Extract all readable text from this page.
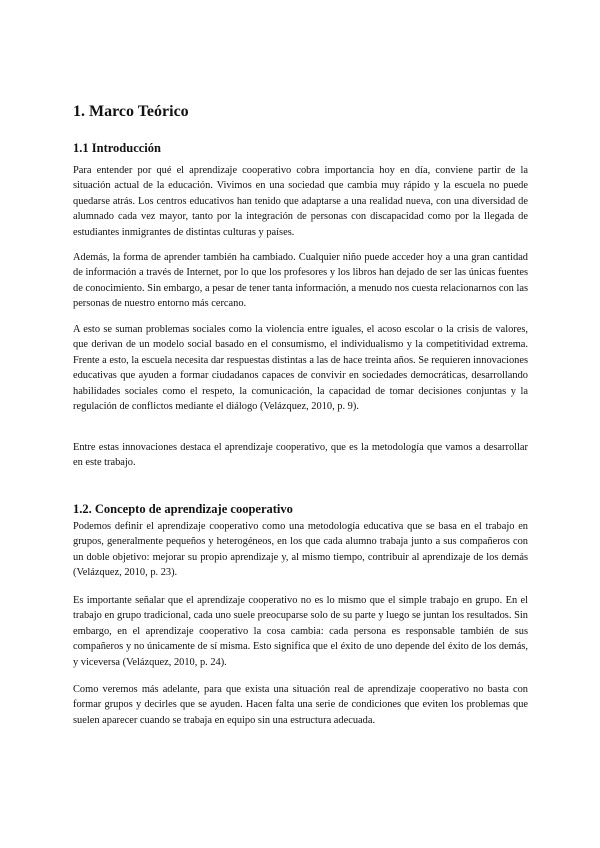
1. Marco Teórico
1.1 Introducción

Para entender por qué el aprendizaje cooperativo cobra importancia hoy en día, conviene partir de la situación actual de la educación. Vivimos en una sociedad que cambia muy rápido y la escuela no puede quedarse atrás. Los centros educativos han tenido que adaptarse a una realidad nueva, con una diversidad de alumnado cada vez mayor, tanto por la integración de personas con discapacidad como por la llegada de estudiantes inmigrantes de distintas culturas y países.

Además, la forma de aprender también ha cambiado. Cualquier niño puede acceder hoy a una gran cantidad de información a través de Internet, por lo que los profesores y los libros han dejado de ser las únicas fuentes de conocimiento. Sin embargo, a pesar de tener tanta información, a menudo nos cuesta relacionarnos con las personas de nuestro entorno más cercano.

A esto se suman problemas sociales como la violencia entre iguales, el acoso escolar o la crisis de valores, que derivan de un modelo social basado en el consumismo, el individualismo y la competitividad extrema. Frente a esto, la escuela necesita dar respuestas distintas a las de hace treinta años. Se requieren innovaciones educativas que ayuden a formar ciudadanos capaces de convivir en sociedades democráticas, desarrollando habilidades sociales como el respeto, la comunicación, la capacidad de tomar decisiones conjuntas y la regulación de conflictos mediante el diálogo (Velázquez, 2010, p. 9).

Entre estas innovaciones destaca el aprendizaje cooperativo, que es la metodología que vamos a desarrollar en este trabajo.

1.2. Concepto de aprendizaje cooperativo

Podemos definir el aprendizaje cooperativo como una metodología educativa que se basa en el trabajo en grupos, generalmente pequeños y heterogéneos, en los que cada alumno trabaja junto a sus compañeros con un doble objetivo: mejorar su propio aprendizaje y, al mismo tiempo, contribuir al aprendizaje de los demás (Velázquez, 2010, p. 23).

Es importante señalar que el aprendizaje cooperativo no es lo mismo que el simple trabajo en grupo. En el trabajo en grupo tradicional, cada uno suele preocuparse solo de su parte y luego se juntan los resultados. Sin embargo, en el aprendizaje cooperativo la cosa cambia: cada persona es responsable también de sus compañeros y no únicamente de sí misma. Esto significa que el éxito de uno depende del éxito de los demás, y viceversa (Velázquez, 2010, p. 24).

Como veremos más adelante, para que exista una situación real de aprendizaje cooperativo no basta con formar grupos y decirles que se ayuden. Hacen falta una serie de condiciones que eviten los problemas que suelen aparecer cuando se trabaja en equipo sin una estructura adecuada.
